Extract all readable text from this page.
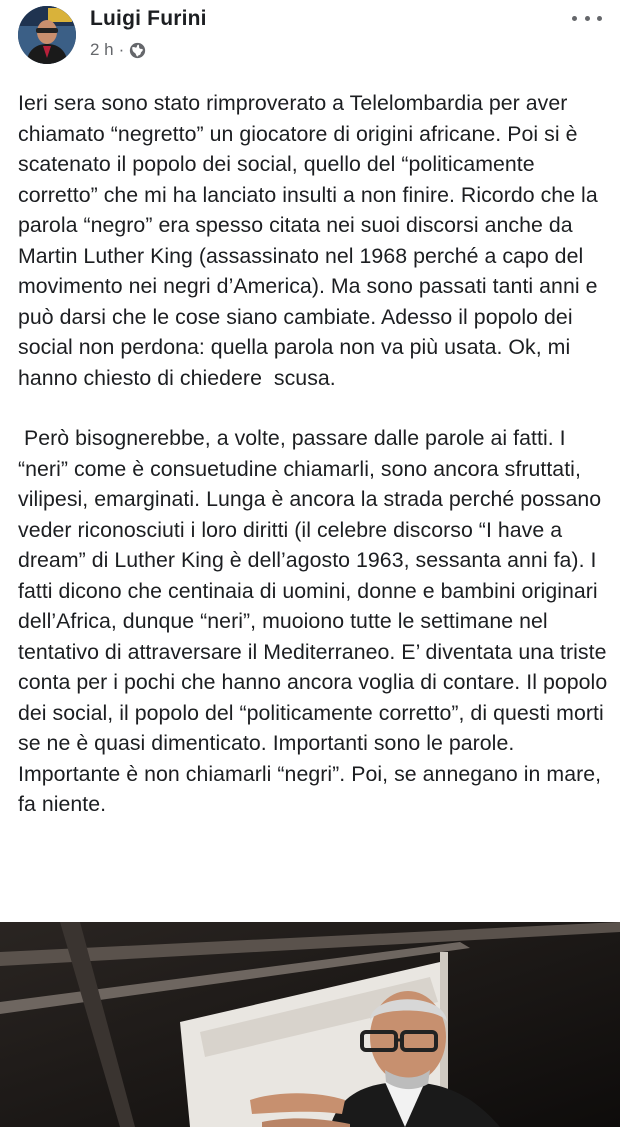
Luigi Furini
2 h ·

Ieri sera sono stato rimproverato a Telelombardia per aver chiamato “negretto” un giocatore di origini africane. Poi si è scatenato il popolo dei social, quello del “politicamente corretto” che mi ha lanciato insulti a non finire. Ricordo che la parola “negro” era spesso citata nei suoi discorsi anche da Martin Luther King (assassinato nel 1968 perché a capo del movimento nei negri d’America). Ma sono passati tanti anni e può darsi che le cose siano cambiate. Adesso il popolo dei social non perdona: quella parola non va più usata. Ok, mi hanno chiesto di chiedere  scusa.

Però bisognerebbe, a volte, passare dalle parole ai fatti. I  “neri” come è consuetudine chiamarli, sono ancora sfruttati, vilipesi, emarginati. Lunga è ancora la strada perché possano veder riconosciuti i loro diritti (il celebre discorso “I have a dream” di Luther King è dell’agosto 1963, sessanta anni fa). I fatti dicono che centinaia di uomini, donne e bambini originari dell’Africa, dunque “neri”, muoiono tutte le settimane nel tentativo di attraversare il Mediterraneo. E’ diventata una triste conta per i pochi che hanno ancora voglia di contare. Il popolo dei social, il popolo del “politicamente corretto”, di questi morti se ne è quasi dimenticato. Importanti sono le parole. Importante è non chiamarli “negri”. Poi, se annegano in mare, fa niente.
